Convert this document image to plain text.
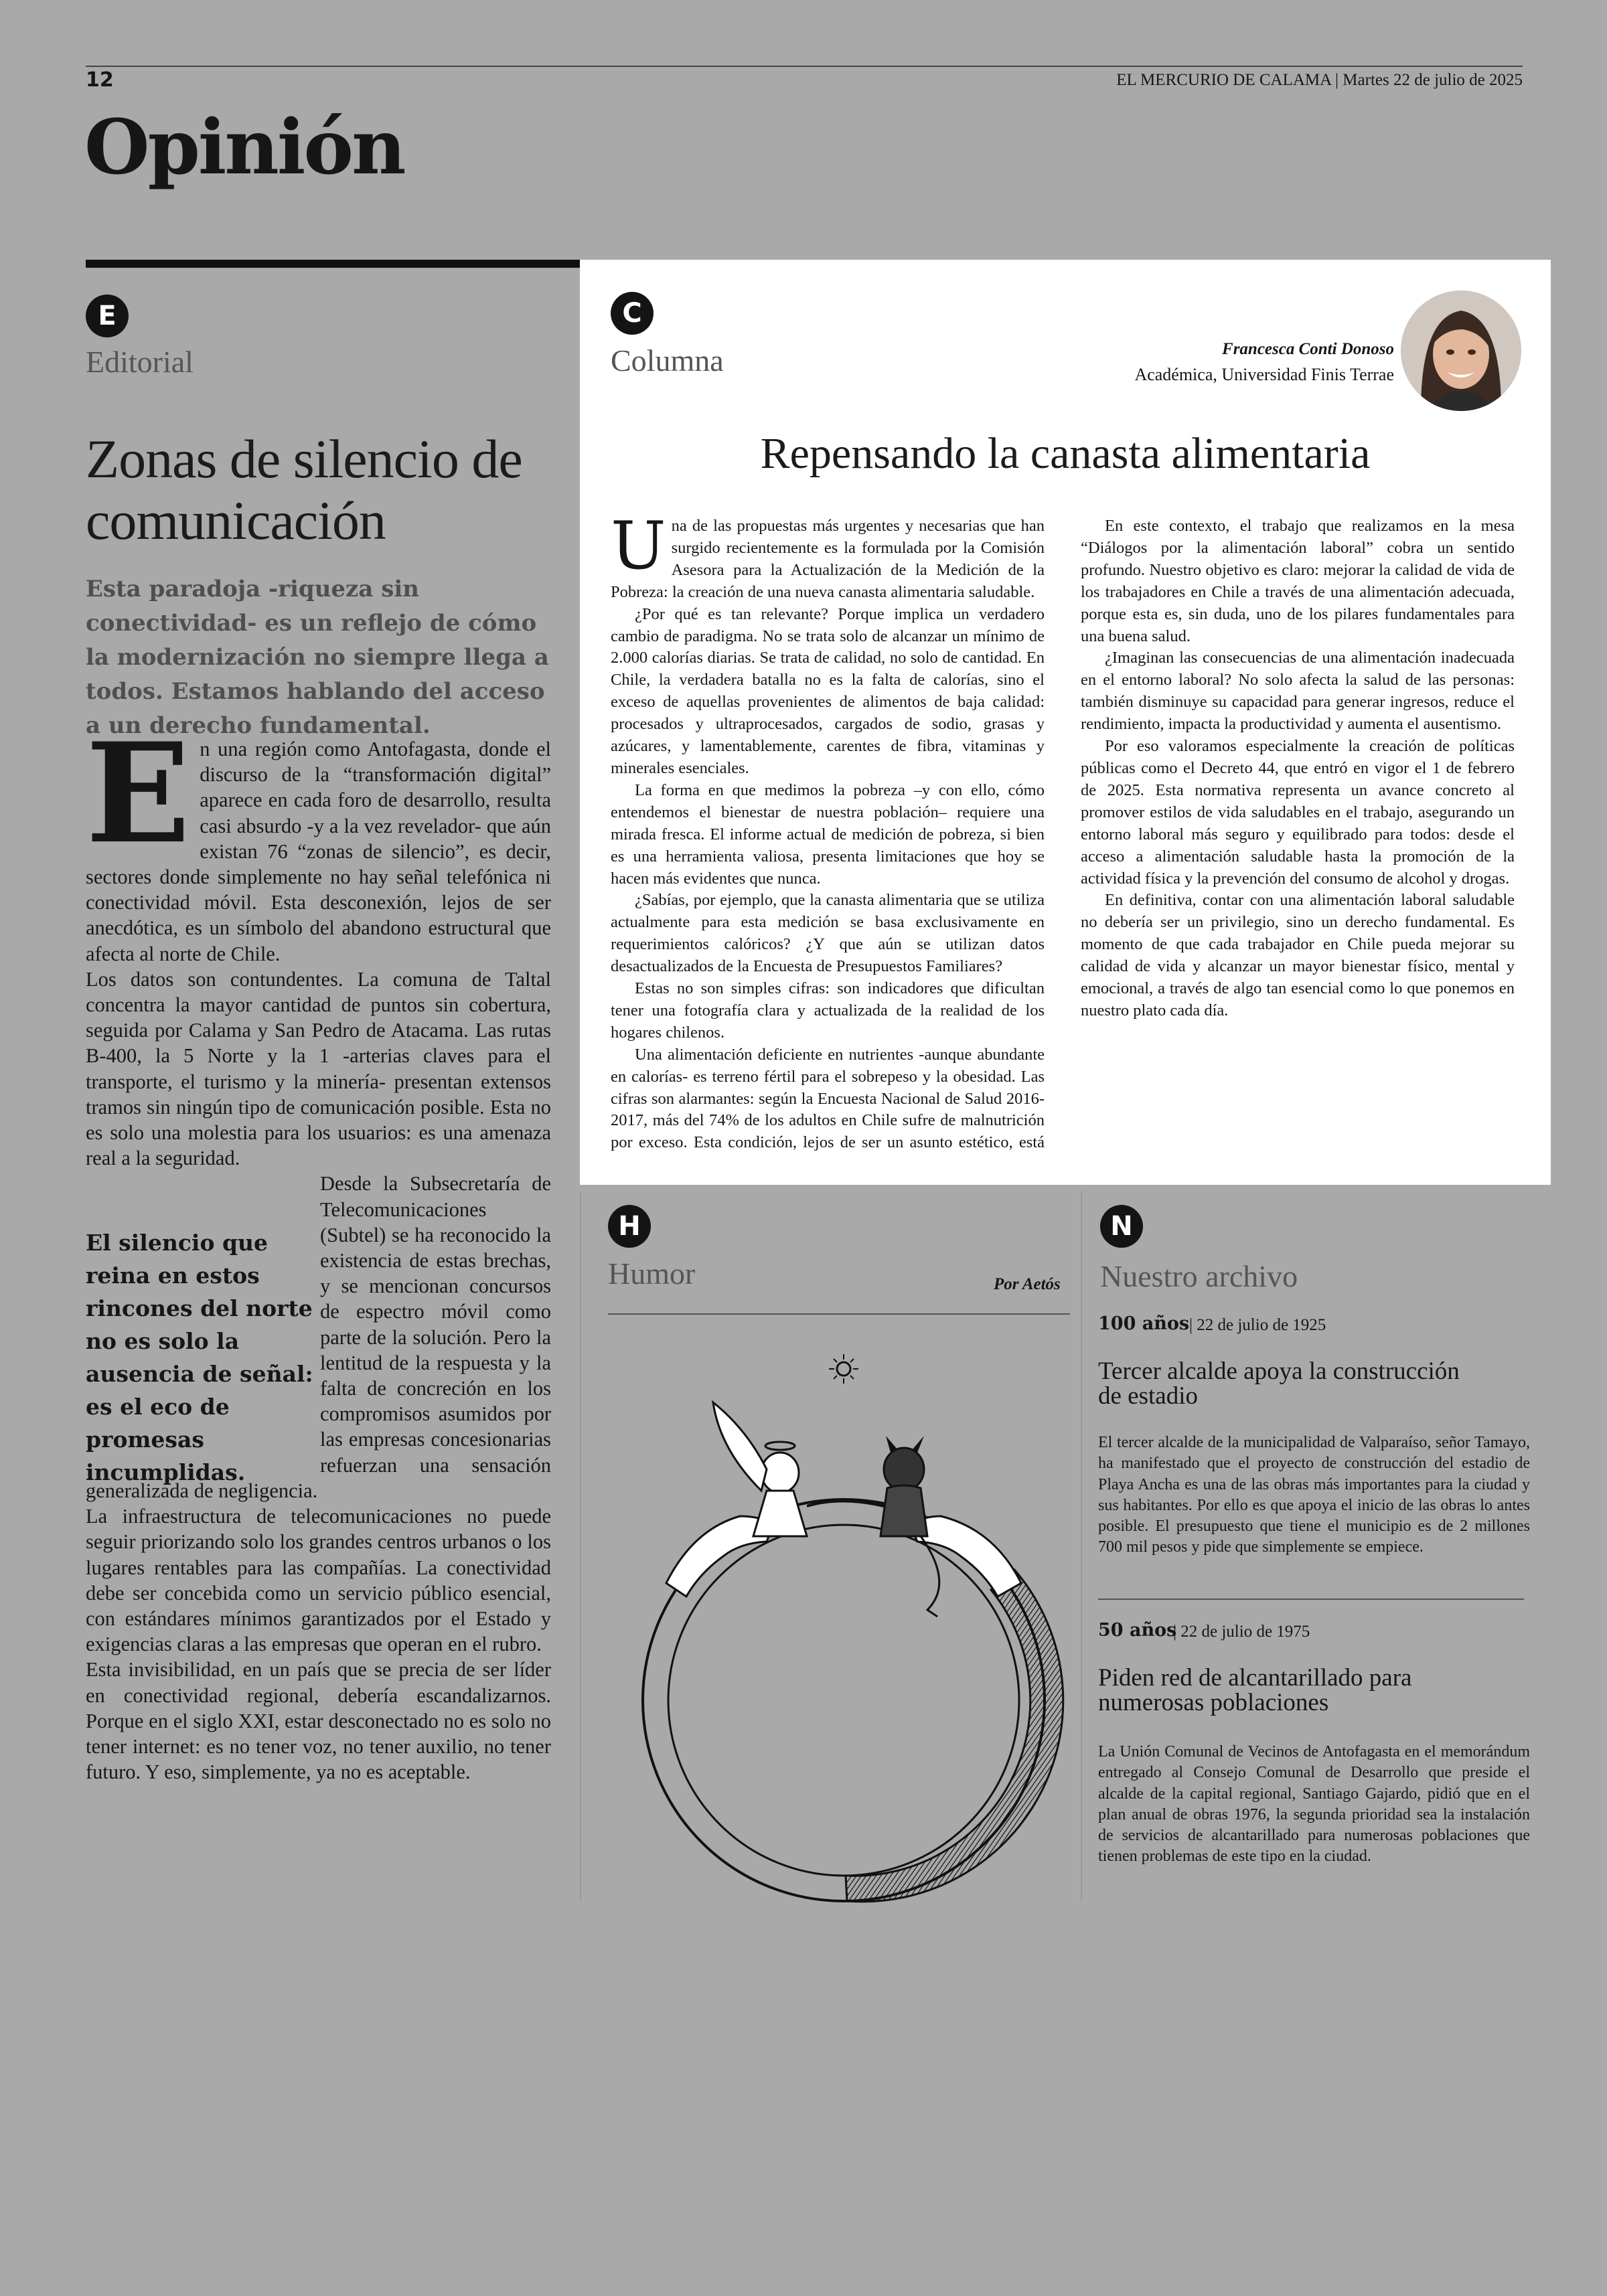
12	EL MERCURIO DE CALAMA | Martes 22 de julio de 2025
Opinión
E
Editorial
Zonas de silencio de comunicación
Esta paradoja -riqueza sin conectividad- es un reflejo de cómo la modernización no siempre llega a todos. Estamos hablando del acceso a un derecho fundamental.

En una región como Antofagasta, donde el discurso de la “transformación digital” aparece en cada foro de desarrollo, resulta casi absurdo -y a la vez revelador- que aún existan 76 “zonas de silencio”, es decir, sectores donde simplemente no hay señal telefónica ni conectividad móvil. Esta desconexión, lejos de ser anecdótica, es un símbolo del abandono estructural que afecta al norte de Chile.

Los datos son contundentes. La comuna de Taltal concentra la mayor cantidad de puntos sin cobertura, seguida por Calama y San Pedro de Atacama. Las rutas B-400, la 5 Norte y la 1 -arterias claves para el transporte, el turismo y la minería- presentan extensos tramos sin ningún tipo de comunicación posible. Esta no es solo una molestia para los usuarios: es una amenaza real a la seguridad.

Desde la Subsecretaría de Telecomunicaciones (Subtel) se ha reconocido la existencia de estas brechas, y se mencionan concursos de espectro móvil como parte de la solución. Pero la lentitud de la respuesta y la falta de concreción en los compromisos asumidos por las empresas concesionarias refuerzan una sensación generalizada de negligencia.

La infraestructura de telecomunicaciones no puede seguir priorizando solo los grandes centros urbanos o los lugares rentables para las compañías. La conectividad debe ser concebida como un servicio público esencial, con estándares mínimos garantizados por el Estado y exigencias claras a las empresas que operan en el rubro.

Esta invisibilidad, en un país que se precia de ser líder en conectividad regional, debería escandalizarnos. Porque en el siglo XXI, estar desconectado no es solo no tener internet: es no tener voz, no tener auxilio, no tener futuro. Y eso, simplemente, ya no es aceptable.

El silencio que reina en estos rincones del norte no es solo la ausencia de señal: es el eco de promesas incumplidas.
C
Columna	Francesca Conti Donoso
Académica, Universidad Finis Terrae
Repensando la canasta alimentaria

Una de las propuestas más urgentes y necesarias que han surgido recientemente es la formulada por la Comisión Asesora para la Actualización de la Medición de la Pobreza: la creación de una nueva canasta alimentaria saludable.

¿Por qué es tan relevante? Porque implica un verdadero cambio de paradigma. No se trata solo de alcanzar un mínimo de 2.000 calorías diarias. Se trata de calidad, no solo de cantidad. En Chile, la verdadera batalla no es la falta de calorías, sino el exceso de aquellas provenientes de alimentos de baja calidad: procesados y ultraprocesados, cargados de sodio, grasas y azúcares, y lamentablemente, carentes de fibra, vitaminas y minerales esenciales.

La forma en que medimos la pobreza –y con ello, cómo entendemos el bienestar de nuestra población– requiere una mirada fresca. El informe actual de medición de pobreza, si bien es una herramienta valiosa, presenta limitaciones que hoy se hacen más evidentes que nunca.

¿Sabías, por ejemplo, que la canasta alimentaria que se utiliza actualmente para esta medición se basa exclusivamente en requerimientos calóricos? ¿Y que aún se utilizan datos desactualizados de la Encuesta de Presupuestos Familiares?

Estas no son simples cifras: son indicadores que dificultan tener una fotografía clara y actualizada de la realidad de los hogares chilenos.

Una alimentación deficiente en nutrientes -aunque abundante en calorías- es terreno fértil para el sobrepeso y la obesidad. Las cifras son alarmantes: según la Encuesta Nacional de Salud 2016-2017, más del 74% de los adultos en Chile sufre de malnutrición por exceso. Esta condición, lejos de ser un asunto estético, está

En este contexto, el trabajo que realizamos en la mesa “Diálogos por la alimentación laboral” cobra un sentido profundo. Nuestro objetivo es claro: mejorar la calidad de vida de los trabajadores en Chile a través de una alimentación adecuada, porque esta es, sin duda, uno de los pilares fundamentales para una buena salud.

¿Imaginan las consecuencias de una alimentación inadecuada en el entorno laboral? No solo afecta la salud de las personas: también disminuye su capacidad para generar ingresos, reduce el rendimiento, impacta la productividad y aumenta el ausentismo.

Por eso valoramos especialmente la creación de políticas públicas como el Decreto 44, que entró en vigor el 1 de febrero de 2025. Esta normativa representa un avance concreto al promover estilos de vida saludables en el trabajo, asegurando un entorno laboral más seguro y equilibrado para todos: desde el acceso a alimentación saludable hasta la promoción de la actividad física y la prevención del consumo de alcohol y drogas.

En definitiva, contar con una alimentación laboral saludable no debería ser un privilegio, sino un derecho fundamental. Es momento de que cada trabajador en Chile pueda mejorar su calidad de vida y alcanzar un mayor bienestar físico, mental y emocional, a través de algo tan esencial como lo que ponemos en nuestro plato cada día.

H
Humor	Por Aetós
N
Nuestro archivo
100 años | 22 de julio de 1925
Tercer alcalde apoya la construcción de estadio

El tercer alcalde de la municipalidad de Valparaíso, señor Tamayo, ha manifestado que el proyecto de construcción del estadio de Playa Ancha es una de las obras más importantes para la ciudad y sus habitantes. Por ello es que apoya el inicio de las obras lo antes posible. El presupuesto que tiene el municipio es de 2 millones 700 mil pesos y pide que simplemente se empiece.

50 años
| 22 de julio de 1975
Piden red de alcantarillado para numerosas poblaciones

La Unión Comunal de Vecinos de Antofagasta en el memorándum entregado al Consejo Comunal de Desarrollo que preside el alcalde de la capital regional, Santiago Gajardo, pidió que en el plan anual de obras 1976, la segunda prioridad sea la instalación de servicios de alcantarillado para numerosas poblaciones que tienen problemas de este tipo en la ciudad.
